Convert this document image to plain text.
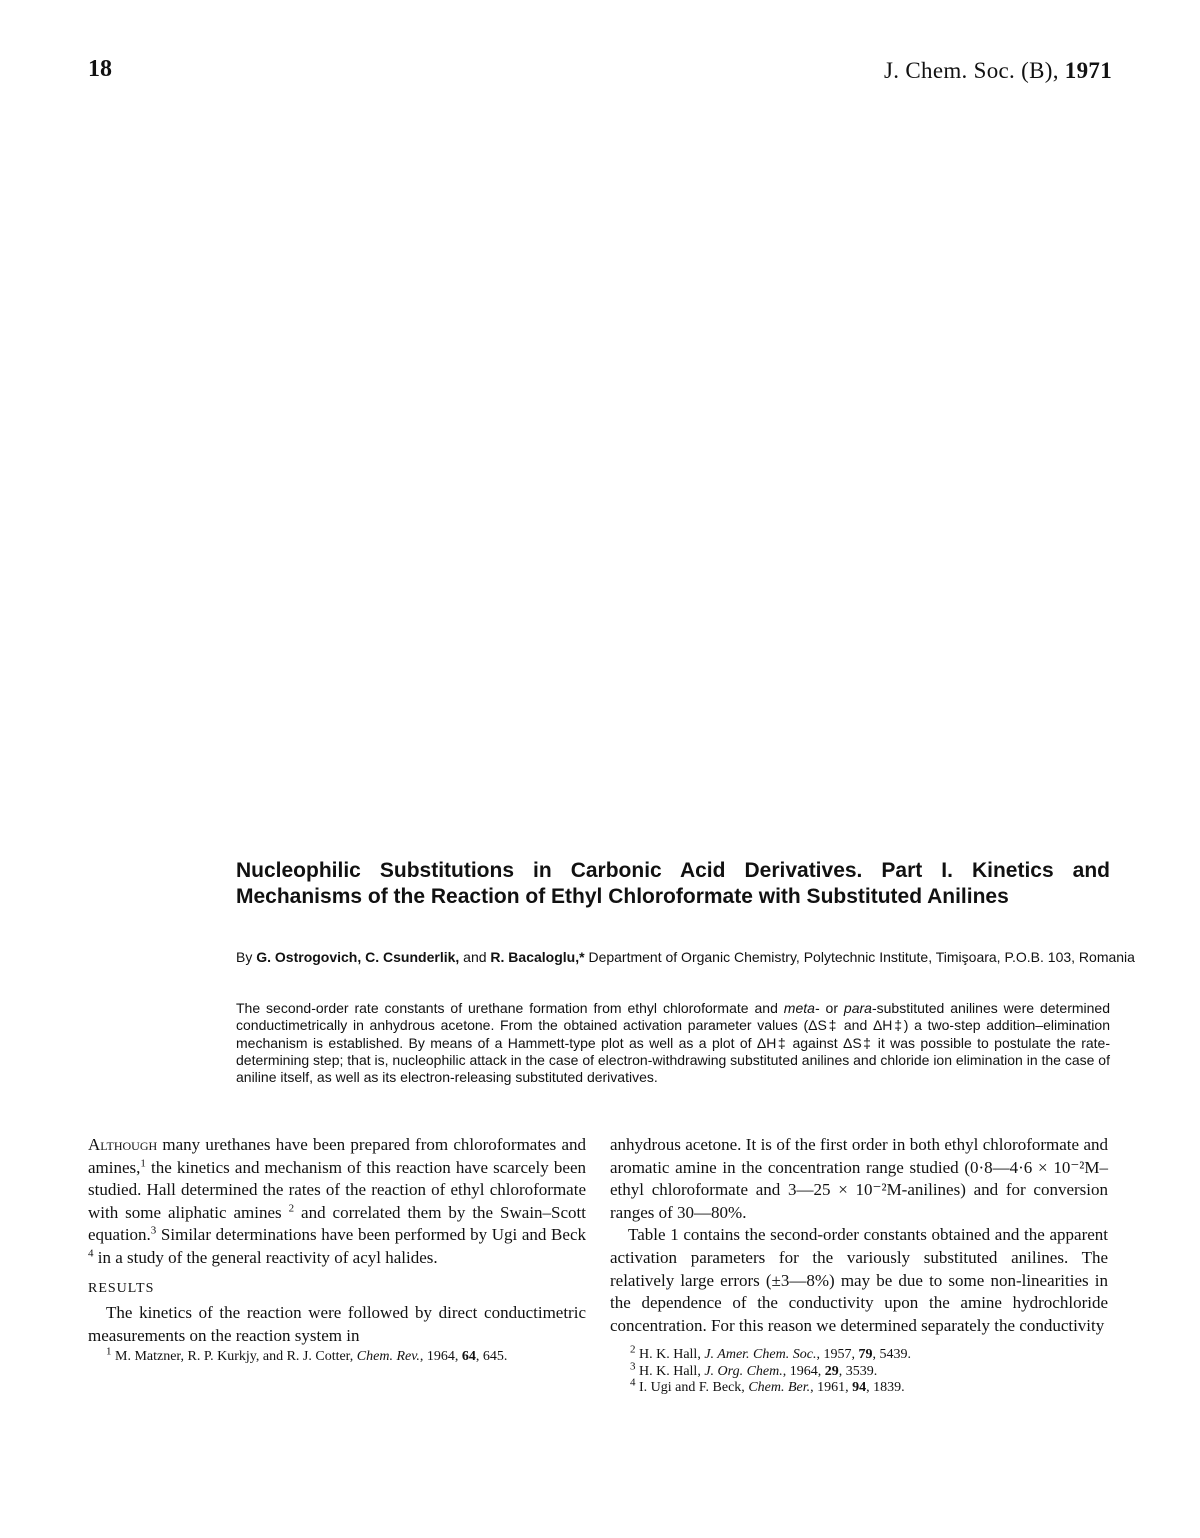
18	J. Chem. Soc. (B), 1971
Nucleophilic Substitutions in Carbonic Acid Derivatives. Part I. Kinetics and Mechanisms of the Reaction of Ethyl Chloroformate with Substituted Anilines
By G. Ostrogovich, C. Csunderlik, and R. Bacaloglu,* Department of Organic Chemistry, Polytechnic Institute, Timişoara, P.O.B. 103, Romania

The second-order rate constants of urethane formation from ethyl chloroformate and meta- or para-substituted anilines were determined conductimetrically in anhydrous acetone. From the obtained activation parameter values (ΔS‡ and ΔH‡) a two-step addition–elimination mechanism is established. By means of a Hammett-type plot as well as a plot of ΔH‡ against ΔS‡ it was possible to postulate the rate-determining step; that is, nucleophilic attack in the case of electron-withdrawing substituted anilines and chloride ion elimination in the case of aniline itself, as well as its electron-releasing substituted derivatives.

Although many urethanes have been prepared from chloroformates and amines,$^1$ the kinetics and mechanism of this reaction have scarcely been studied. Hall determined the rates of the reaction of ethyl chloroformate with some aliphatic amines $^2$ and correlated them by the Swain–Scott equation.$^3$ Similar determinations have been performed by Ugi and Beck $^4$ in a study of the general reactivity of acyl halides.

RESULTS

The kinetics of the reaction were followed by direct conductimetric measurements on the reaction system in

$^1$ M. Matzner, R. P. Kurkjy, and R. J. Cotter, Chem. Rev., 1964, 64, 645.

anhydrous acetone. It is of the first order in both ethyl chloroformate and aromatic amine in the concentration range studied (0·8—4·6 × 10⁻²M–ethyl chloroformate and 3—25 × 10⁻²M-anilines) and for conversion ranges of 30—80%.

Table 1 contains the second-order constants obtained and the apparent activation parameters for the variously substituted anilines. The relatively large errors (±3—8%) may be due to some non-linearities in the dependence of the conductivity upon the amine hydrochloride concentration. For this reason we determined separately the conductivity

$^2$ H. K. Hall, J. Amer. Chem. Soc., 1957, 79, 5439.

$^3$ H. K. Hall, J. Org. Chem., 1964, 29, 3539.

$^4$ I. Ugi and F. Beck, Chem. Ber., 1961, 94, 1839.
